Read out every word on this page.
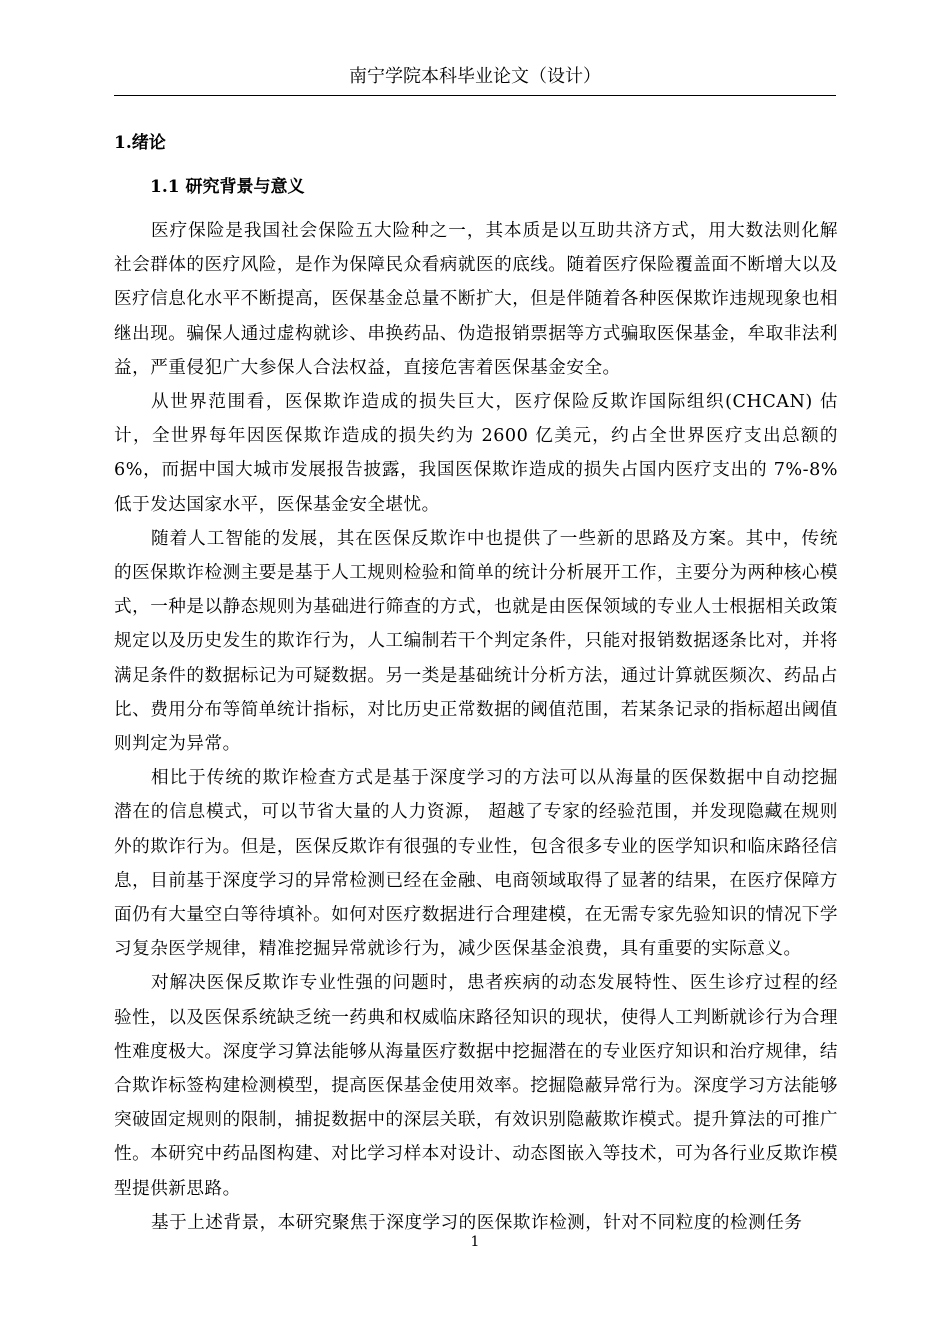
南宁学院本科毕业论文（设计）
1.绪论
1.1 研究背景与意义

医疗保险是我国社会保险五大险种之一，其本质是以互助共济方式，用大数法则化解社会群体的医疗风险，是作为保障民众看病就医的底线。随着医疗保险覆盖面不断增大以及医疗信息化水平不断提高，医保基金总量不断扩大，但是伴随着各种医保欺诈违规现象也相继出现。骗保人通过虚构就诊、串换药品、伪造报销票据等方式骗取医保基金，牟取非法利益，严重侵犯广大参保人合法权益，直接危害着医保基金安全。

从世界范围看，医保欺诈造成的损失巨大，医疗保险反欺诈国际组织(CHCAN) 估计，全世界每年因医保欺诈造成的损失约为 2600 亿美元，约占全世界医疗支出总额的 6%，而据中国大城市发展报告披露，我国医保欺诈造成的损失占国内医疗支出的 7%-8% 低于发达国家水平，医保基金安全堪忧。

随着人工智能的发展，其在医保反欺诈中也提供了一些新的思路及方案。其中，传统的医保欺诈检测主要是基于人工规则检验和简单的统计分析展开工作，主要分为两种核心模式，一种是以静态规则为基础进行筛查的方式，也就是由医保领域的专业人士根据相关政策规定以及历史发生的欺诈行为，人工编制若干个判定条件，只能对报销数据逐条比对，并将满足条件的数据标记为可疑数据。另一类是基础统计分析方法，通过计算就医频次、药品占比、费用分布等简单统计指标，对比历史正常数据的阈值范围，若某条记录的指标超出阈值则判定为异常。

相比于传统的欺诈检查方式是基于深度学习的方法可以从海量的医保数据中自动挖掘潜在的信息模式，可以节省大量的人力资源， 超越了专家的经验范围，并发现隐藏在规则外的欺诈行为。但是，医保反欺诈有很强的专业性，包含很多专业的医学知识和临床路径信息，目前基于深度学习的异常检测已经在金融、电商领域取得了显著的结果，在医疗保障方面仍有大量空白等待填补。如何对医疗数据进行合理建模，在无需专家先验知识的情况下学习复杂医学规律，精准挖掘异常就诊行为，减少医保基金浪费，具有重要的实际意义。

对解决医保反欺诈专业性强的问题时，患者疾病的动态发展特性、医生诊疗过程的经验性，以及医保系统缺乏统一药典和权威临床路径知识的现状，使得人工判断就诊行为合理性难度极大。深度学习算法能够从海量医疗数据中挖掘潜在的专业医疗知识和治疗规律，结合欺诈标签构建检测模型，提高医保基金使用效率。挖掘隐蔽异常行为。深度学习方法能够突破固定规则的限制，捕捉数据中的深层关联，有效识别隐蔽欺诈模式。提升算法的可推广性。本研究中药品图构建、对比学习样本对设计、动态图嵌入等技术，可为各行业反欺诈模型提供新思路。

基于上述背景，本研究聚焦于深度学习的医保欺诈检测，针对不同粒度的检测任务

1
